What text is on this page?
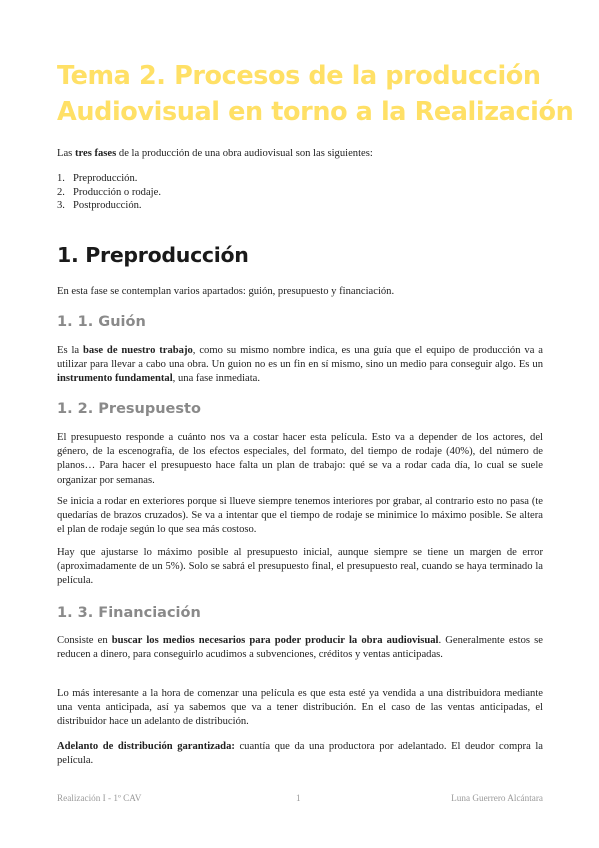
Tema 2. Procesos de la producción
Audiovisual en torno a la Realización

Las tres fases de la producción de una obra audiovisual son las siguientes:

1. Preproducción.
2. Producción o rodaje.
3. Postproducción.
1. Preproducción

En esta fase se contemplan varios apartados: guión, presupuesto y financiación.

1. 1. Guión

Es la base de nuestro trabajo, como su mismo nombre indica, es una guía que el equipo de producción va a utilizar para llevar a cabo una obra. Un guion no es un fin en sí mismo, sino un medio para conseguir algo. Es un instrumento fundamental, una fase inmediata.

1. 2. Presupuesto

El presupuesto responde a cuánto nos va a costar hacer esta película. Esto va a depender de los actores, del género, de la escenografía, de los efectos especiales, del formato, del tiempo de rodaje (40%), del número de planos… Para hacer el presupuesto hace falta un plan de trabajo: qué se va a rodar cada día, lo cual se suele organizar por semanas.

Se inicia a rodar en exteriores porque si llueve siempre tenemos interiores por grabar, al contrario esto no pasa (te quedarías de brazos cruzados). Se va a intentar que el tiempo de rodaje se minimice lo máximo posible. Se altera el plan de rodaje según lo que sea más costoso.

Hay que ajustarse lo máximo posible al presupuesto inicial, aunque siempre se tiene un margen de error (aproximadamente de un 5%). Solo se sabrá el presupuesto final, el presupuesto real, cuando se haya terminado la película.

1. 3. Financiación

Consiste en buscar los medios necesarios para poder producir la obra audiovisual. Generalmente estos se reducen a dinero, para conseguirlo acudimos a subvenciones, créditos y ventas anticipadas.

Lo más interesante a la hora de comenzar una película es que esta esté ya vendida a una distribuidora mediante una venta anticipada, así ya sabemos que va a tener distribución. En el caso de las ventas anticipadas, el distribuidor hace un adelanto de distribución.

Adelanto de distribución garantizada: cuantía que da una productora por adelantado. El deudor compra la película.

Realización I - 1º CAV	1	Luna Guerrero Alcántara
